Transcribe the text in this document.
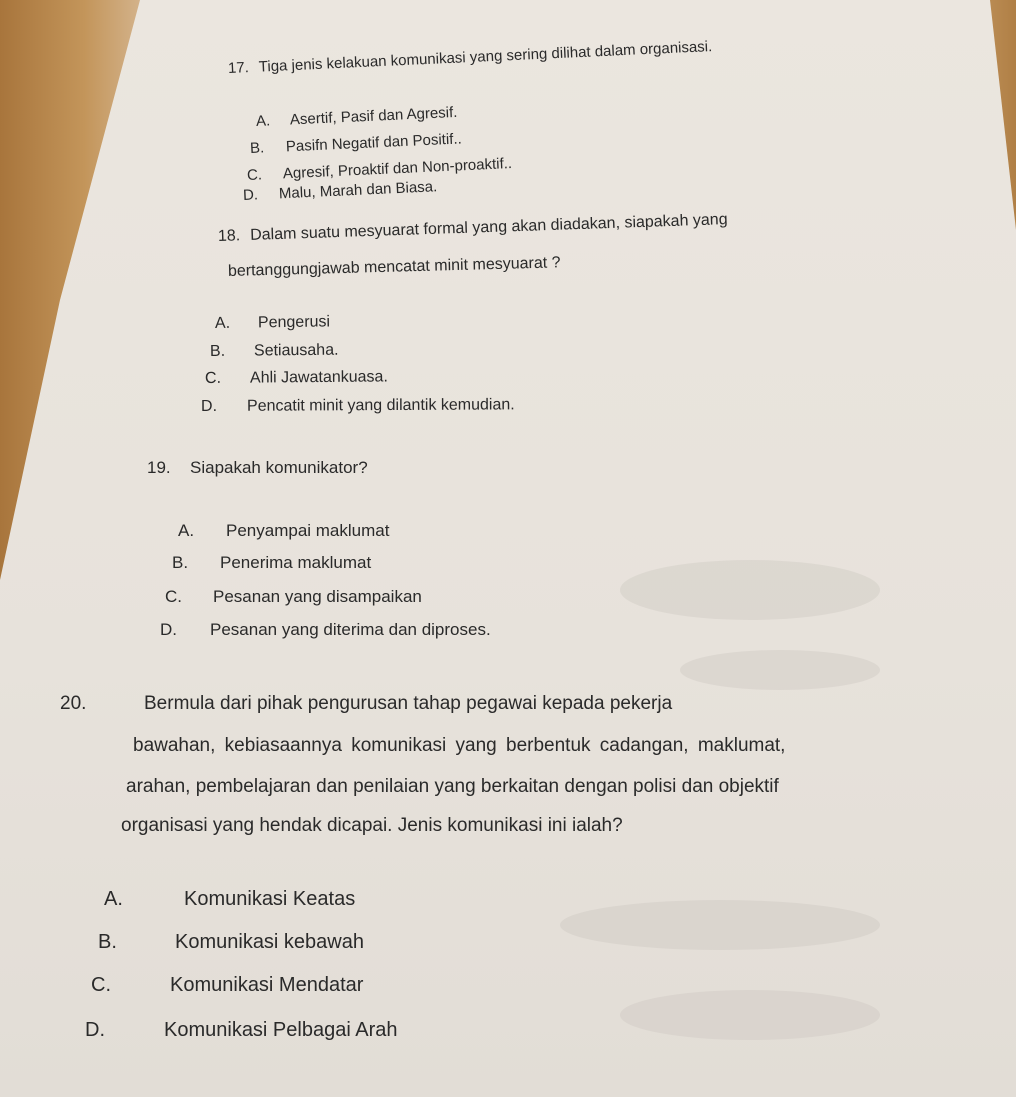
17. Tiga jenis kelakuan komunikasi yang sering dilihat dalam organisasi.
A. Asertif, Pasif dan Agresif.
B. Pasifn Negatif dan Positif..
C. Agresif, Proaktif dan Non-proaktif..
D. Malu, Marah dan Biasa.
18. Dalam suatu mesyuarat formal yang akan diadakan, siapakah yang
bertanggungjawab mencatat minit mesyuarat ?
A. Pengerusi
B. Setiausaha.
C. Ahli Jawatankuasa.
D. Pencatit minit yang dilantik kemudian.
19. Siapakah komunikator?
A. Penyampai maklumat
B. Penerima maklumat
C. Pesanan yang disampaikan
D. Pesanan yang diterima dan diproses.
20.	Bermula dari pihak pengurusan tahap pegawai kepada pekerja
bawahan, kebiasaannya komunikasi yang berbentuk cadangan, maklumat,
arahan, pembelajaran dan penilaian yang berkaitan dengan polisi dan objektif
organisasi yang hendak dicapai. Jenis komunikasi ini ialah?
A.	Komunikasi Keatas
B.	Komunikasi kebawah
C.	Komunikasi Mendatar
D.	Komunikasi Pelbagai Arah
